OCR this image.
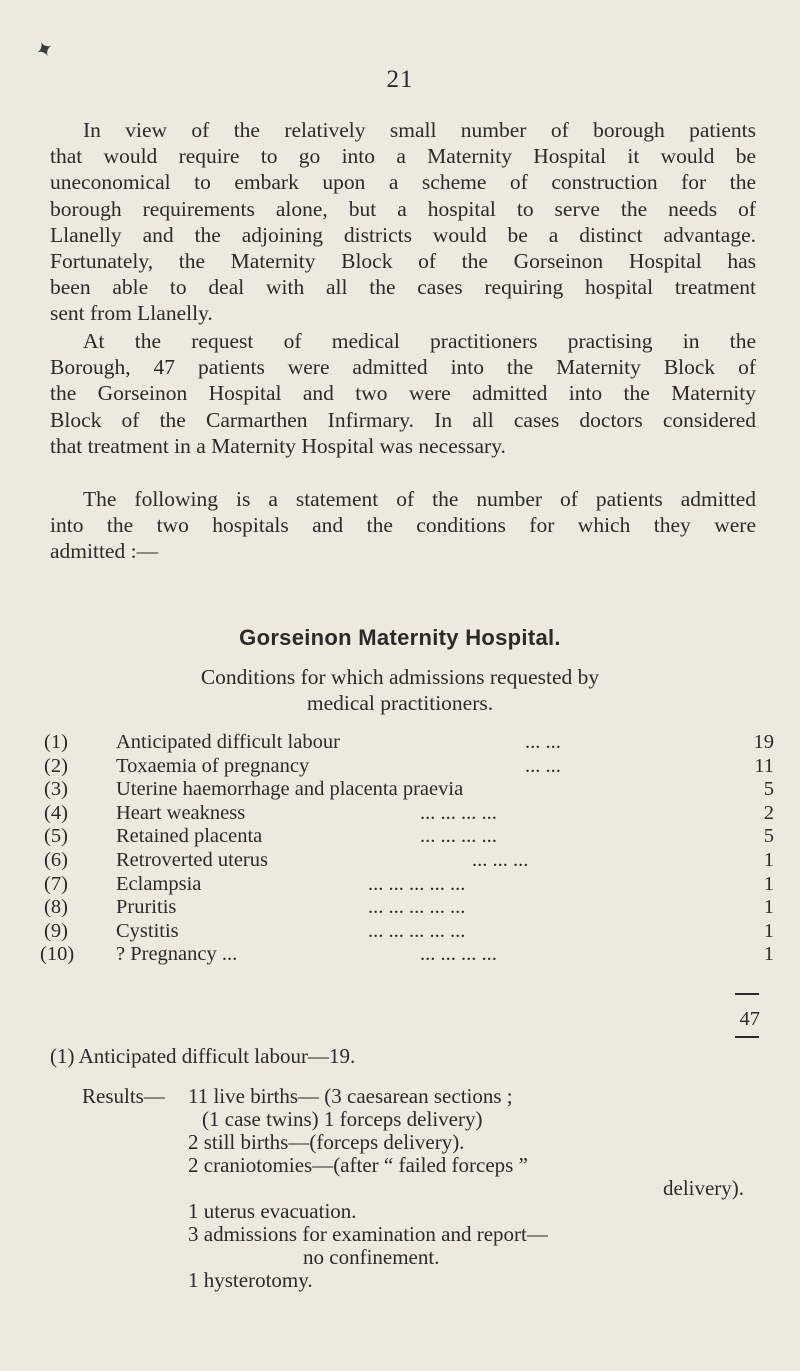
✦
21

In view of the relatively small number of borough patients
that would require to go into a Maternity Hospital it would be
uneconomical to embark upon a scheme of construction for the
borough requirements alone, but a hospital to serve the needs of
Llanelly and the adjoining districts would be a distinct advantage.
Fortunately, the Maternity Block of the Gorseinon Hospital has
been able to deal with all the cases requiring hospital treatment
sent from Llanelly.

At the request of medical practitioners practising in the
Borough, 47 patients were admitted into the Maternity Block of
the Gorseinon Hospital and two were admitted into the Maternity
Block of the Carmarthen Infirmary. In all cases doctors considered
that treatment in a Maternity Hospital was necessary.

The following is a statement of the number of patients admitted
into the two hospitals and the conditions for which they were
admitted :—

Gorseinon Maternity Hospital.
Conditions for which admissions requested by
medical practitioners.
(1) Anticipated difficult labour	... ...	19
(2) Toxaemia of pregnancy	... ...	11
(3) Uterine haemorrhage and placenta praevia	5
(4) Heart weakness	... ... ... ...	2
(5) Retained placenta	... ... ... ...	5
(6) Retroverted uterus	... ... ...	1
(7) Eclampsia	... ... ... ... ...	1
(8) Pruritis	... ... ... ... ...	1
(9) Cystitis	... ... ... ... ...	1
(10) ? Pregnancy ...	... ... ... ...	1
47
(1) Anticipated difficult labour—19.
Results— 11 live births— (3 caesarean sections ;
(1 case twins) 1 forceps delivery)
2 still births—(forceps delivery).
2 craniotomies—(after “ failed forceps ”
delivery).
1 uterus evacuation.
3 admissions for examination and report—
no confinement.
1 hysterotomy.
